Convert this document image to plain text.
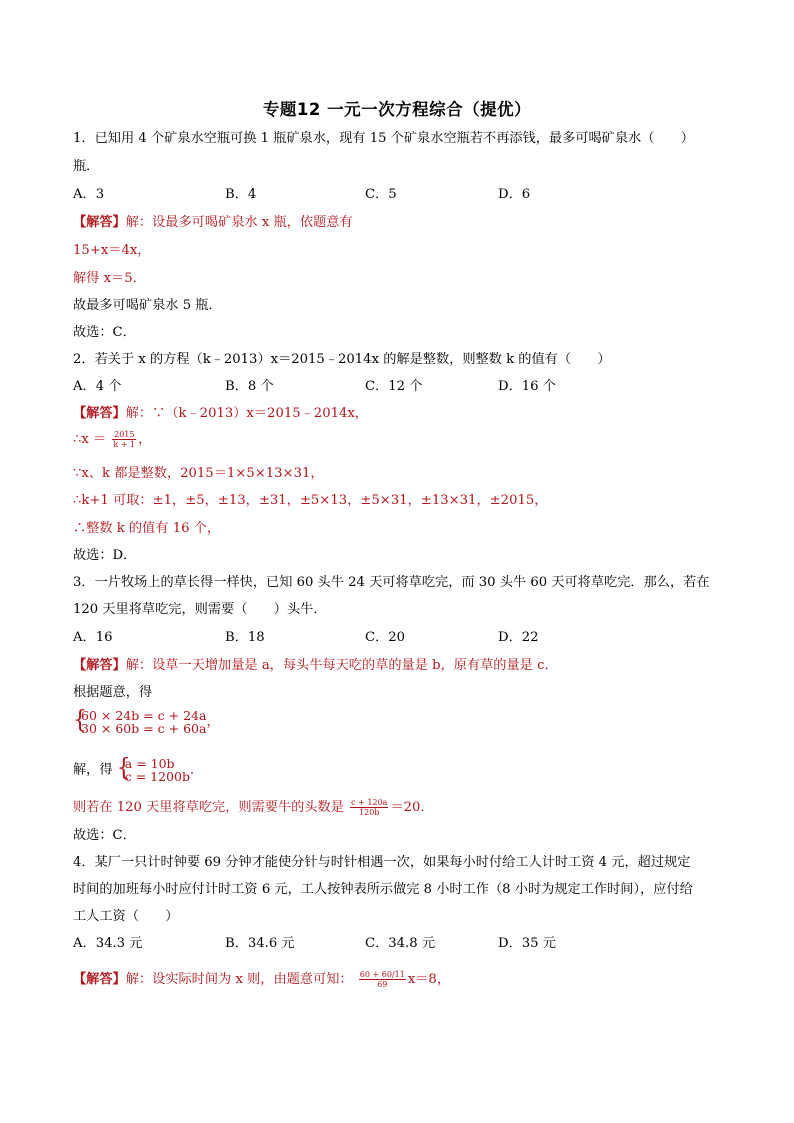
专题12 一元一次方程综合（提优）
1．已知用 4 个矿泉水空瓶可换 1 瓶矿泉水，现有 15 个矿泉水空瓶若不再添钱，最多可喝矿泉水（　　）
瓶．
A．3	B．4	C．5	D．6
【解答】解：设最多可喝矿泉水 x 瓶，依题意有
15+x＝4x，
解得 x＝5．
故最多可喝矿泉水 5 瓶．
故选：C．
2．若关于 x 的方程（k﹣2013）x＝2015﹣2014x 的解是整数，则整数 k 的值有（　　）
A．4 个	B．8 个	C．12 个	D．16 个
【解答】解：∵（k﹣2013）x＝2015﹣2014x，
∴x ＝ $\frac{2015}{k + 1}$ ，
∵x、k 都是整数，2015＝1×5×13×31，
∴k+1 可取：±1，±5，±13，±31，±5×13，±5×31，±13×31，±2015，
∴整数 k 的值有 16 个，
故选：D．
3．一片牧场上的草长得一样快，已知 60 头牛 24 天可将草吃完，而 30 头牛 60 天可将草吃完．那么，若在
120 天里将草吃完，则需要（　　）头牛．
A．16	B．18	C．20	D．22
【解答】解：设草一天增加量是 a，每头牛每天吃的草的量是 b，原有草的量是 c．
根据题意，得
{
60 × 24b = c + 24a
30 × 60b = c + 60a ，
解，得 {
a = 10b
c = 1200b ．
则若在 120 天里将草吃完，则需要牛的头数是 $\frac{c + 120a}{120b} =20$．
故选：C．
4．某厂一只计时钟要 69 分钟才能使分针与时针相遇一次，如果每小时付给工人计时工资 4 元，超过规定
时间的加班每小时应付计时工资 6 元，工人按钟表所示做完 8 小时工作（8 小时为规定工作时间），应付给
工人工资（　　）
A．34.3 元	B．34.6 元	C．34.8 元	D．35 元
【解答】解：设实际时间为 x 则，由题意可知： $\frac{60 + 60/11}{69} x=8$，
